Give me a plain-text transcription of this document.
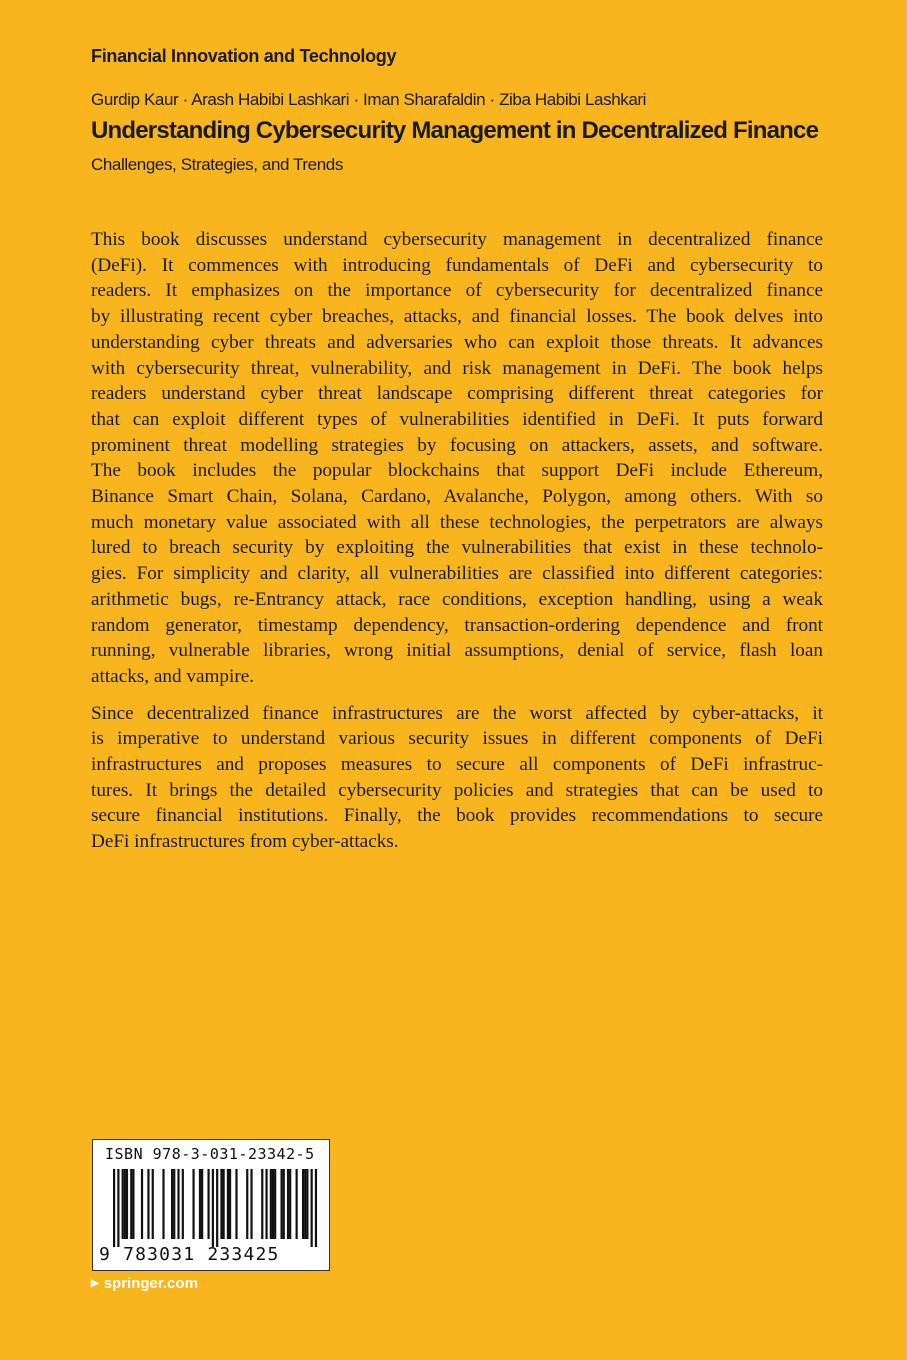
Financial Innovation and Technology
Gurdip Kaur · Arash Habibi Lashkari · Iman Sharafaldin · Ziba Habibi Lashkari
Understanding Cybersecurity Management in Decentralized Finance
Challenges, Strategies, and Trends
This book discusses understand cybersecurity management in decentralized finance
(DeFi). It commences with introducing fundamentals of DeFi and cybersecurity to
readers. It emphasizes on the importance of cybersecurity for decentralized finance
by illustrating recent cyber breaches, attacks, and financial losses. The book delves into
understanding cyber threats and adversaries who can exploit those threats. It advances
with cybersecurity threat, vulnerability, and risk management in DeFi. The book helps
readers understand cyber threat landscape comprising different threat categories for
that can exploit different types of vulnerabilities identified in DeFi. It puts forward
prominent threat modelling strategies by focusing on attackers, assets, and software.
The book includes the popular blockchains that support DeFi include Ethereum,
Binance Smart Chain, Solana, Cardano, Avalanche, Polygon, among others. With so
much monetary value associated with all these technologies, the perpetrators are always
lured to breach security by exploiting the vulnerabilities that exist in these technolo-
gies. For simplicity and clarity, all vulnerabilities are classified into different categories:
arithmetic bugs, re-Entrancy attack, race conditions, exception handling, using a weak
random generator, timestamp dependency, transaction-ordering dependence and front
running, vulnerable libraries, wrong initial assumptions, denial of service, flash loan
attacks, and vampire.
Since decentralized finance infrastructures are the worst affected by cyber-attacks, it
is imperative to understand various security issues in different components of DeFi
infrastructures and proposes measures to secure all components of DeFi infrastruc-
tures. It brings the detailed cybersecurity policies and strategies that can be used to
secure financial institutions. Finally, the book provides recommendations to secure
DeFi infrastructures from cyber-attacks.
ISBN 978-3-031-23342-5
9 783031 233425
▶ springer.com
